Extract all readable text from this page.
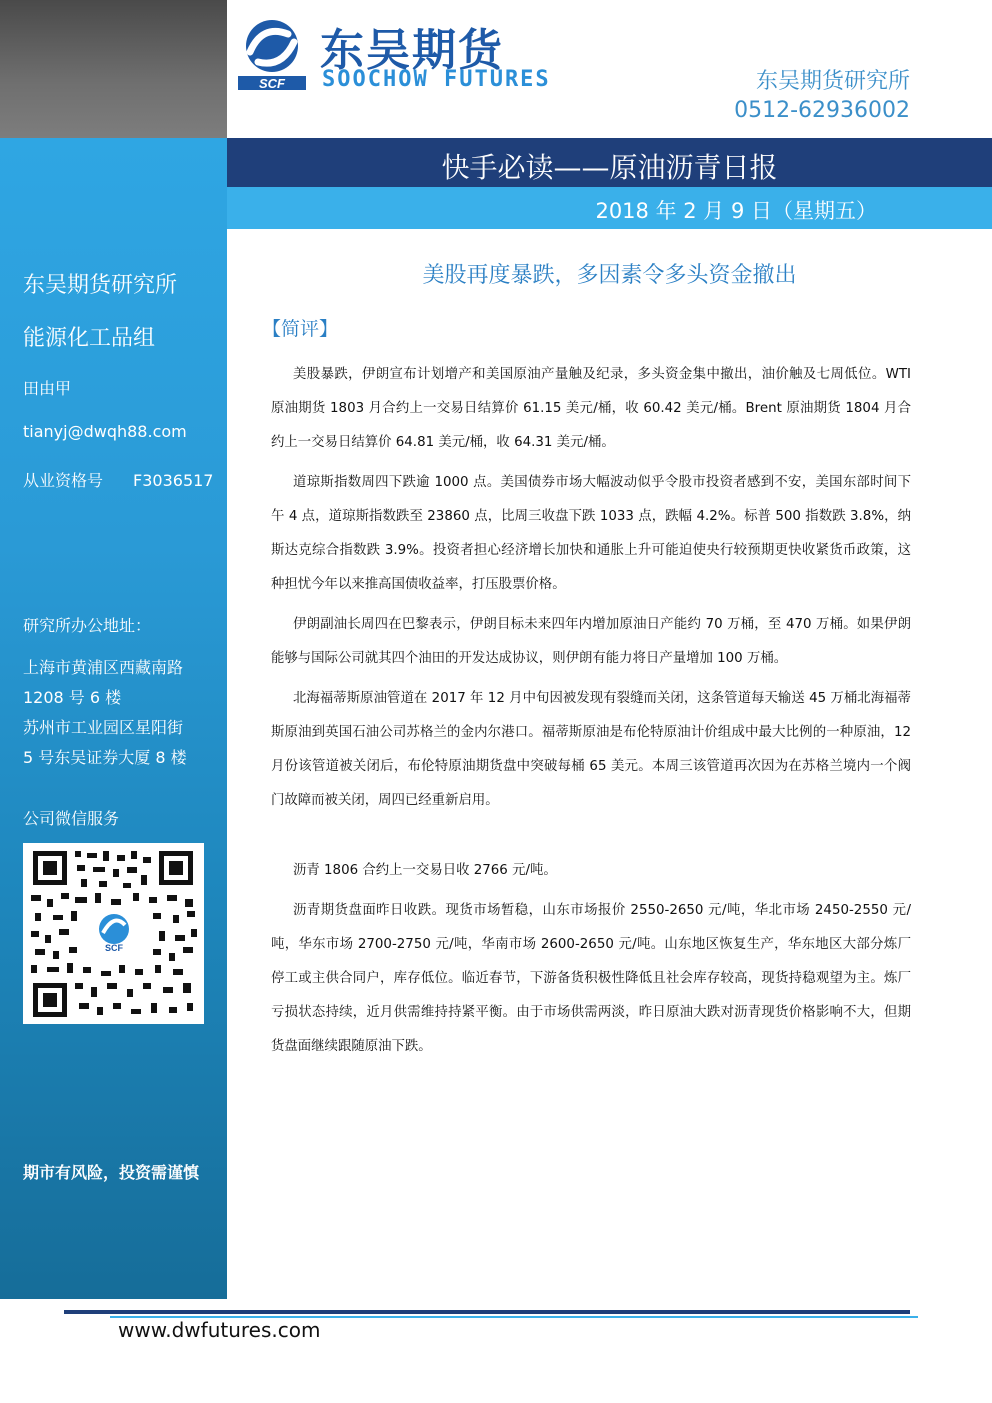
东吴期货研究所
能源化工品组
田由甲
tianyj@dwqh88.com
从业资格号 F3036517
研究所办公地址：
上海市黄浦区西藏南路
1208 号 6 楼
苏州市工业园区星阳街
5 号东吴证券大厦 8 楼
公司微信服务
SCF
期市有风险，投资需谨慎
SCF
东吴期货
SOOCHOW FUTURES	东吴期货研究所
0512-62936002
快手必读——原油沥青日报
2018 年 2 月 9 日（星期五）
美股再度暴跌，多因素令多头资金撤出
【简评】

美股暴跌，伊朗宣布计划增产和美国原油产量触及纪录，多头资金集中撤出，油价触及七周低位。WTI 原油期货 1803 月合约上一交易日结算价 61.15 美元/桶，收 60.42 美元/桶。Brent 原油期货 1804 月合约上一交易日结算价 64.81 美元/桶，收 64.31 美元/桶。

道琼斯指数周四下跌逾 1000 点。美国债券市场大幅波动似乎令股市投资者感到不安，美国东部时间下午 4 点，道琼斯指数跌至 23860 点，比周三收盘下跌 1033 点，跌幅 4.2%。标普 500 指数跌 3.8%，纳斯达克综合指数跌 3.9%。投资者担心经济增长加快和通胀上升可能迫使央行较预期更快收紧货币政策，这种担忧今年以来推高国债收益率，打压股票价格。

伊朗副油长周四在巴黎表示，伊朗目标未来四年内增加原油日产能约 70 万桶，至 470 万桶。如果伊朗能够与国际公司就其四个油田的开发达成协议，则伊朗有能力将日产量增加 100 万桶。

北海福蒂斯原油管道在 2017 年 12 月中旬因被发现有裂缝而关闭，这条管道每天输送 45 万桶北海福蒂斯原油到英国石油公司苏格兰的金内尔港口。福蒂斯原油是布伦特原油计价组成中最大比例的一种原油，12 月份该管道被关闭后，布伦特原油期货盘中突破每桶 65 美元。本周三该管道再次因为在苏格兰境内一个阀门故障而被关闭，周四已经重新启用。

沥青 1806 合约上一交易日收 2766 元/吨。

沥青期货盘面昨日收跌。现货市场暂稳，山东市场报价 2550-2650 元/吨，华北市场 2450-2550 元/吨，华东市场 2700-2750 元/吨，华南市场 2600-2650 元/吨。山东地区恢复生产，华东地区大部分炼厂停工或主供合同户，库存低位。临近春节，下游备货积极性降低且社会库存较高，现货持稳观望为主。炼厂亏损状态持续，近月供需维持持紧平衡。由于市场供需两淡，昨日原油大跌对沥青现货价格影响不大，但期货盘面继续跟随原油下跌。

www.dwfutures.com
